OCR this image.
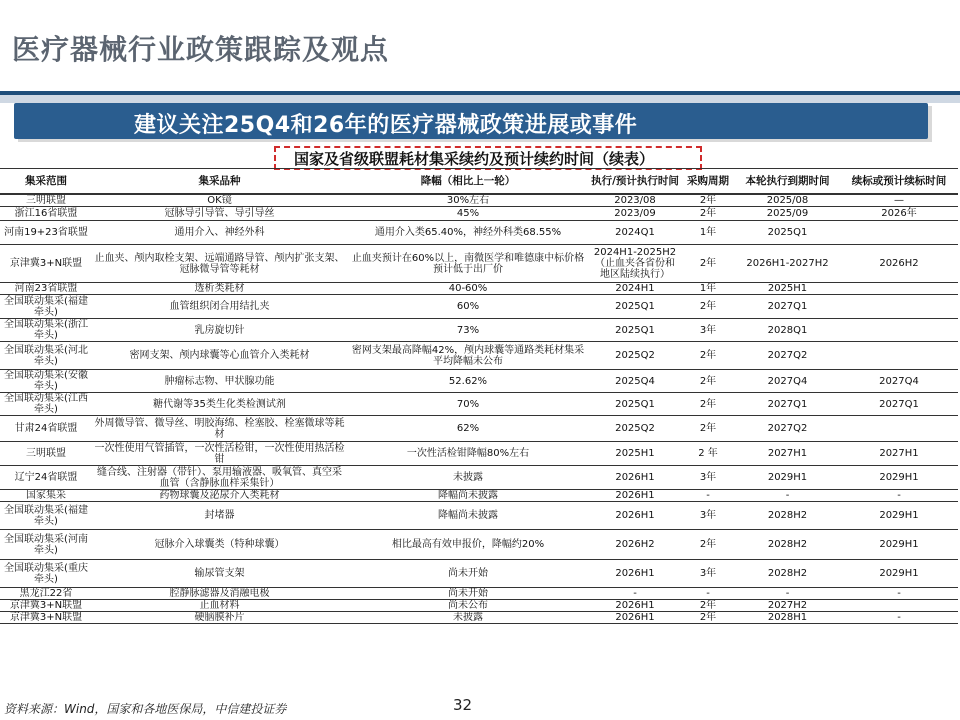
医疗器械行业政策跟踪及观点
建议关注25Q4和26年的医疗器械政策进展或事件
国家及省级联盟耗材集采续约及预计续约时间（续表）
集采范围	集采品种	降幅（相比上一轮）	执行/预计执行时间	采购周期	本轮执行到期时间	续标或预计续标时间
三明联盟	OK镜	30%左右	2023/08	2年	2025/08	—
浙江16省联盟	冠脉导引导管、导引导丝	45%	2023/09	2年	2025/09	2026年
河南19+23省联盟	通用介入、神经外科	通用介入类65.40%，神经外科类68.55%	2024Q1	1年	2025Q1	
京津冀3+N联盟	止血夹、颅内取栓支架、远端通路导管、颅内扩张支架、冠脉微导管等耗材	止血夹预计在60%以上，南微医学和唯德康中标价格预计低于出厂价	2024H1-2025H2（止血夹各省份和地区陆续执行）	2年	2026H1-2027H2	2026H2
河南23省联盟	透析类耗材	40-60%	2024H1	1年	2025H1	
全国联动集采(福建牵头)	血管组织闭合用结扎夹	60%	2025Q1	2年	2027Q1	
全国联动集采(浙江牵头)	乳房旋切针	73%	2025Q1	3年	2028Q1	
全国联动集采(河北牵头)	密网支架、颅内球囊等心血管介入类耗材	密网支架最高降幅42%，颅内球囊等通路类耗材集采平均降幅未公布	2025Q2	2年	2027Q2	
全国联动集采(安徽牵头)	肿瘤标志物、甲状腺功能	52.62%	2025Q4	2年	2027Q4	2027Q4
全国联动集采(江西牵头)	糖代谢等35类生化类检测试剂	70%	2025Q1	2年	2027Q1	2027Q1
甘肃24省联盟	外周微导管、微导丝、明胶海绵、栓塞胶、栓塞微球等耗材	62%	2025Q2	2年	2027Q2	
三明联盟	一次性使用气管插管，一次性活检钳，一次性使用热活检钳	一次性活检钳降幅80%左右	2025H1	2 年	2027H1	2027H1
辽宁24省联盟	缝合线、注射器（带针）、泵用输液器、吸氧管、真空采血管（含静脉血样采集针）	未披露	2026H1	3年	2029H1	2029H1
国家集采	药物球囊及泌尿介入类耗材	降幅尚未披露	2026H1	-	-	-
全国联动集采(福建牵头)	封堵器	降幅尚未披露	2026H1	3年	2028H2	2029H1
全国联动集采(河南牵头)	冠脉介入球囊类（特种球囊）	相比最高有效申报价，降幅约20%	2026H2	2年	2028H2	2029H1
全国联动集采(重庆牵头)	输尿管支架	尚未开始	2026H1	3年	2028H2	2029H1
黑龙江22省	腔静脉滤器及消融电极	尚未开始	-	-	-	-
京津冀3+N联盟	止血材料	尚未公布	2026H1	2年	2027H2	
京津冀3+N联盟	硬脑膜补片	未披露	2026H1	2年	2028H1	-
资料来源：Wind，国家和各地医保局，中信建投证券	32
